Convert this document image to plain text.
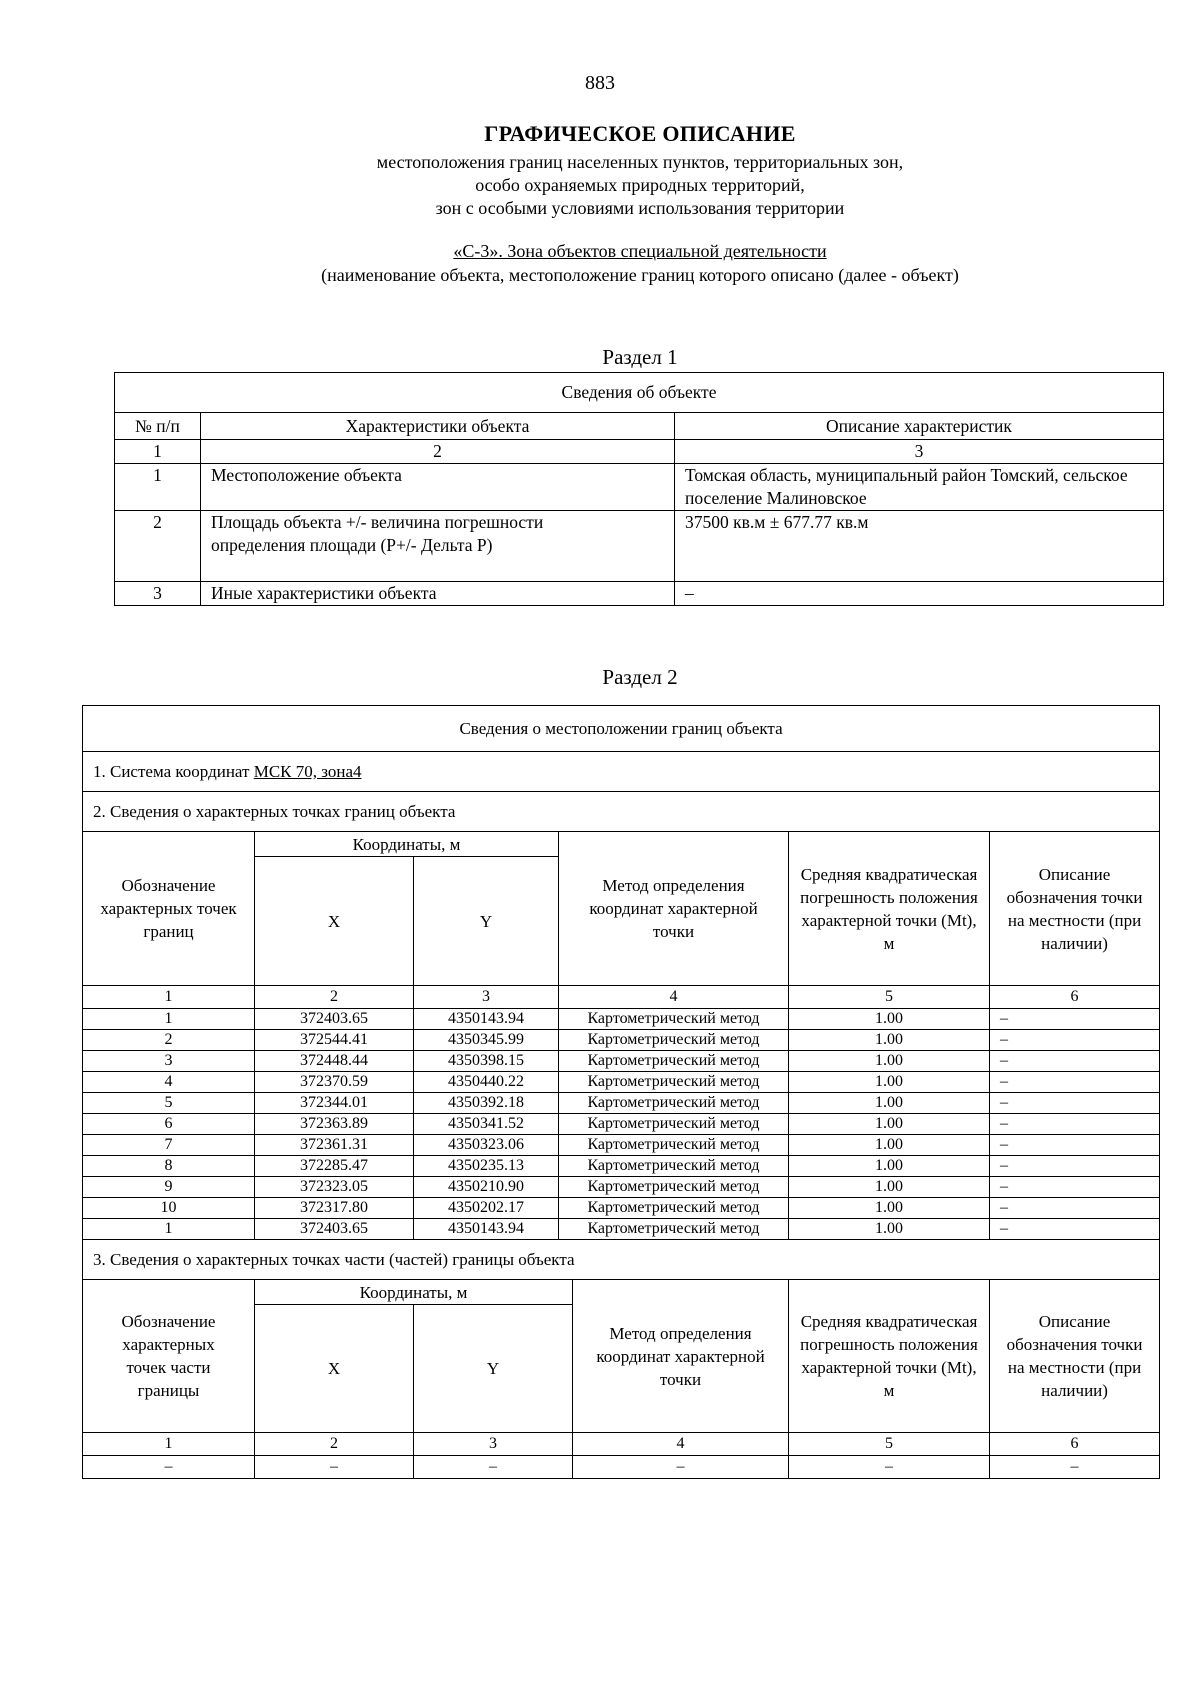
883
ГРАФИЧЕСКОЕ ОПИСАНИЕ
местоположения границ населенных пунктов, территориальных зон,
особо охраняемых природных территорий,
зон с особыми условиями использования территории
«С-3». Зона объектов специальной деятельности
(наименование объекта, местоположение границ которого описано (далее - объект)
Раздел 1
Сведения об объекте		
№ п/п	Характеристики объекта	Описание характеристик
1	2	3
1	Местоположение объекта	Томская область, муниципальный район Томский, сельское поселение Малиновское
2	Площадь объекта +/- величина погрешности определения площади (Р+/- Дельта Р)	37500 кв.м ± 677.77 кв.м
3	Иные характеристики объекта	–
Раздел 2
Сведения о местоположении границ объекта						
1. Система координат МСК 70, зона4						
2. Сведения о характерных точках границ объекта						
Обозначение характерных точек границ	Координаты, м		Метод определения координат характерной точки		Средняя квадратическая погрешность положения характерной точки (Mt), м	Описание обозначения точки на местности (при наличии)
	X	Y				
1	2	3	4		5	6
1	372403.65	4350143.94	Картометрический метод		1.00	–
2	372544.41	4350345.99	Картометрический метод		1.00	–
3	372448.44	4350398.15	Картометрический метод		1.00	–
4	372370.59	4350440.22	Картометрический метод		1.00	–
5	372344.01	4350392.18	Картометрический метод		1.00	–
6	372363.89	4350341.52	Картометрический метод		1.00	–
7	372361.31	4350323.06	Картометрический метод		1.00	–
8	372285.47	4350235.13	Картометрический метод		1.00	–
9	372323.05	4350210.90	Картометрический метод		1.00	–
10	372317.80	4350202.17	Картометрический метод		1.00	–
1	372403.65	4350143.94	Картометрический метод		1.00	–
3. Сведения о характерных точках части (частей) границы объекта						
Обозначение характерных точек части границы	Координаты, м			Метод определения координат характерной точки	Средняя квадратическая погрешность положения характерной точки (Mt), м	Описание обозначения точки на местности (при наличии)
	X	Y				
1	2	3		4	5	6
–	–	–		–	–	–
